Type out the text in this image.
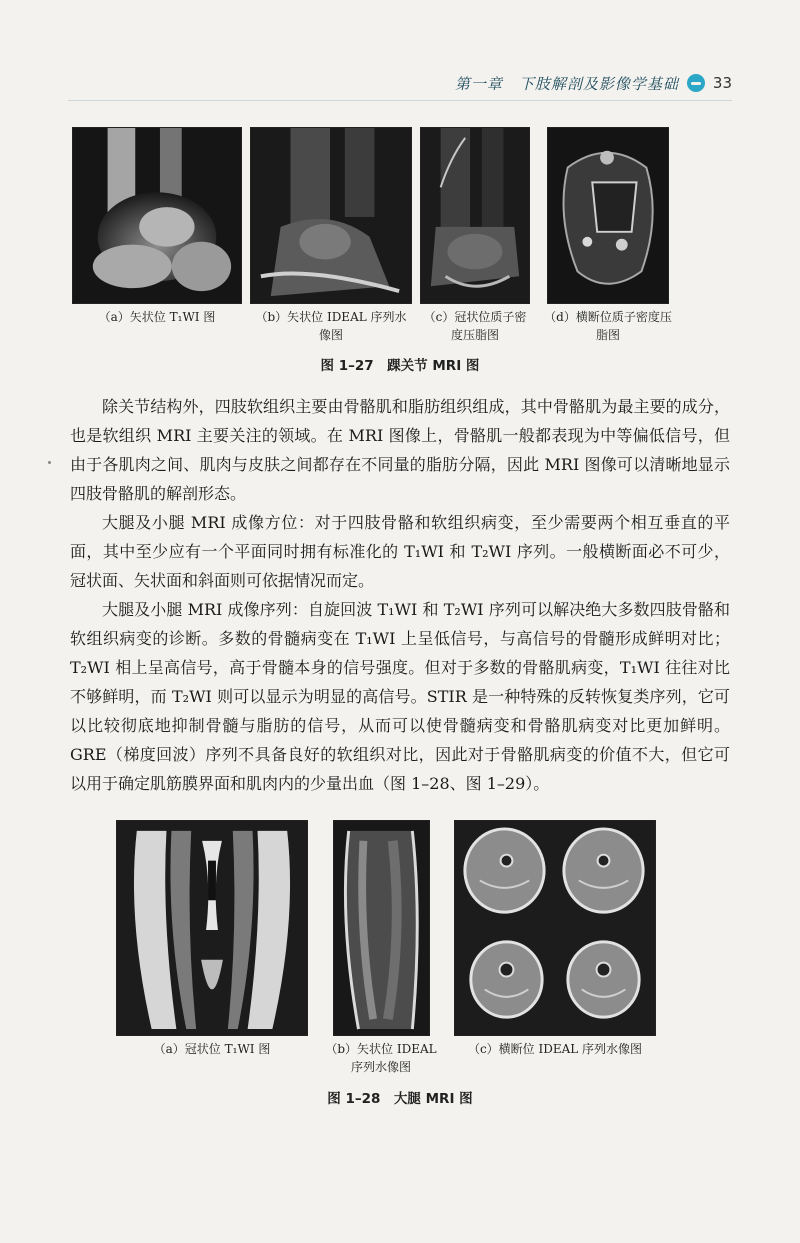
第一章　下肢解剖及影像学基础 33
（a）矢状位 T₁WI 图	（b）矢状位 IDEAL 序列水
像图
（c）冠状位质子密
度压脂图
（d）横断位质子密度压
脂图
图 1–27　踝关节 MRI 图
除关节结构外，四肢软组织主要由骨骼肌和脂肪组织组成，其中骨骼肌为最主要的成分，也是软组织 MRI 主要关注的领域。在 MRI 图像上，骨骼肌一般都表现为中等偏低信号，但由于各肌肉之间、肌肉与皮肤之间都存在不同量的脂肪分隔，因此 MRI 图像可以清晰地显示四肢骨骼肌的解剖形态。
大腿及小腿 MRI 成像方位：对于四肢骨骼和软组织病变，至少需要两个相互垂直的平面，其中至少应有一个平面同时拥有标准化的 T₁WI 和 T₂WI 序列。一般横断面必不可少，冠状面、矢状面和斜面则可依据情况而定。
大腿及小腿 MRI 成像序列：自旋回波 T₁WI 和 T₂WI 序列可以解决绝大多数四肢骨骼和软组织病变的诊断。多数的骨髓病变在 T₁WI 上呈低信号，与高信号的骨髓形成鲜明对比；T₂WI 相上呈高信号，高于骨髓本身的信号强度。但对于多数的骨骼肌病变，T₁WI 往往对比不够鲜明，而 T₂WI 则可以显示为明显的高信号。STIR 是一种特殊的反转恢复类序列，它可以比较彻底地抑制骨髓与脂肪的信号，从而可以使骨髓病变和骨骼肌病变对比更加鲜明。GRE（梯度回波）序列不具备良好的软组织对比，因此对于骨骼肌病变的价值不大，但它可以用于确定肌筋膜界面和肌肉内的少量出血（图 1–28、图 1–29）。
（a）冠状位 T₁WI 图	（b）矢状位 IDEAL
序列水像图
（c）横断位 IDEAL 序列水像图
图 1–28　大腿 MRI 图
